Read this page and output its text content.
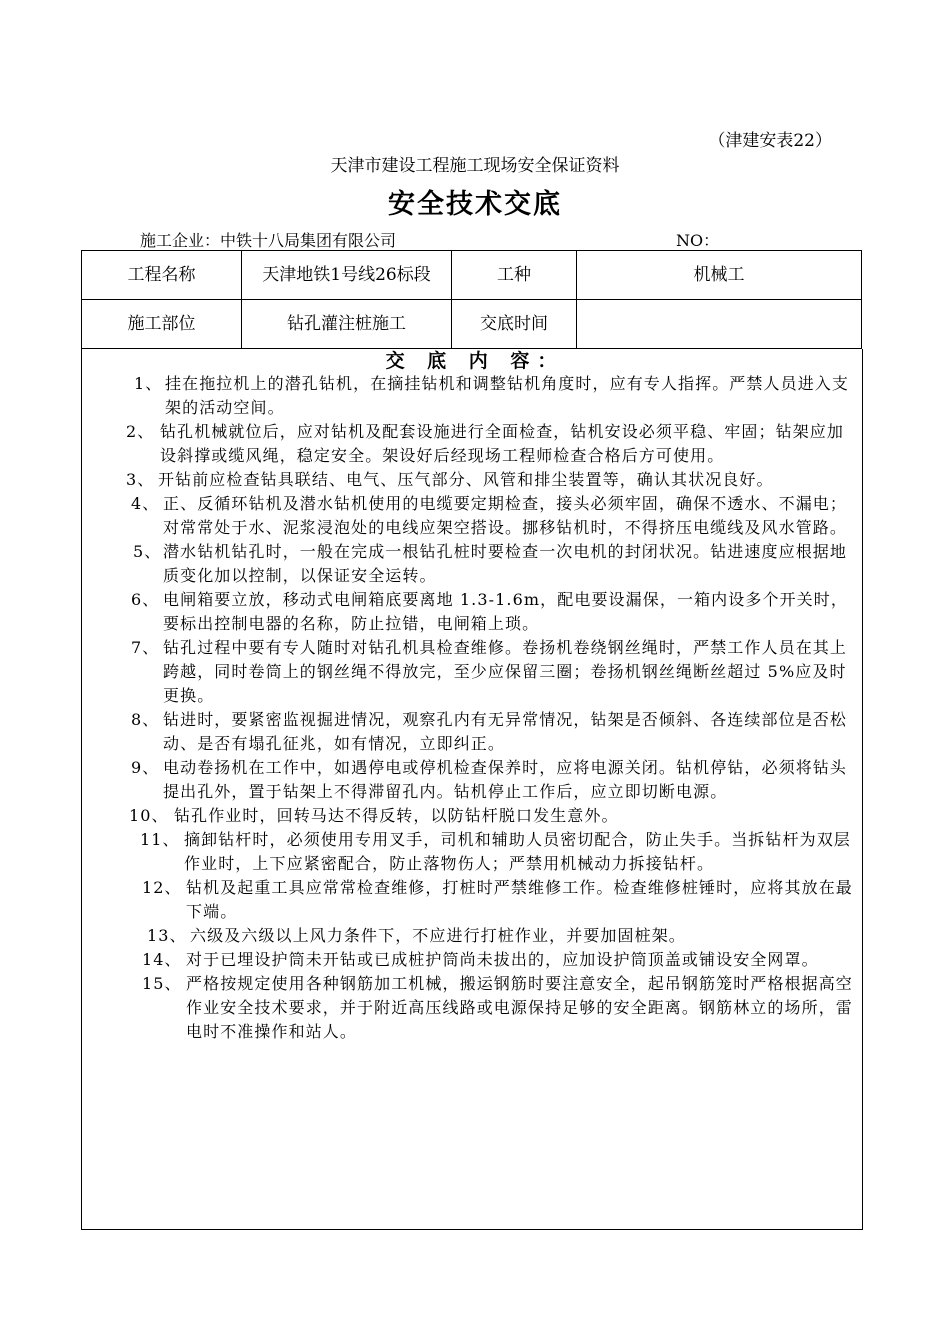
（津建安表22）
天津市建设工程施工现场安全保证资料
安全技术交底
施工企业：中铁十八局集团有限公司	NO：
工程名称	天津地铁1号线26标段	工种	机械工
施工部位	钻孔灌注桩施工	交底时间	
交 底 内 容：
1、 挂在拖拉机上的潜孔钻机，在摘挂钻机和调整钻机角度时，应有专人指挥。严禁人员进入支架的活动空间。
2、 钻孔机械就位后，应对钻机及配套设施进行全面检查，钻机安设必须平稳、牢固；钻架应加设斜撑或缆风绳，稳定安全。架设好后经现场工程师检查合格后方可使用。
3、 开钻前应检查钻具联结、电气、压气部分、风管和排尘装置等，确认其状况良好。
4、 正、反循环钻机及潜水钻机使用的电缆要定期检查，接头必须牢固，确保不透水、不漏电；对常常处于水、泥浆浸泡处的电线应架空搭设。挪移钻机时，不得挤压电缆线及风水管路。
5、 潜水钻机钻孔时，一般在完成一根钻孔桩时要检查一次电机的封闭状况。钻进速度应根据地质变化加以控制，以保证安全运转。
6、 电闸箱要立放，移动式电闸箱底要离地 1.3-1.6m，配电要设漏保，一箱内设多个开关时，要标出控制电器的名称，防止拉错，电闸箱上琐。
7、 钻孔过程中要有专人随时对钻孔机具检查维修。卷扬机卷绕钢丝绳时，严禁工作人员在其上跨越，同时卷筒上的钢丝绳不得放完，至少应保留三圈；卷扬机钢丝绳断丝超过 5%应及时更换。
8、 钻进时，要紧密监视掘进情况，观察孔内有无异常情况，钻架是否倾斜、各连续部位是否松动、是否有塌孔征兆，如有情况，立即纠正。
9、 电动卷扬机在工作中，如遇停电或停机检查保养时，应将电源关闭。钻机停钻，必须将钻头提出孔外，置于钻架上不得滞留孔内。钻机停止工作后，应立即切断电源。
10、 钻孔作业时，回转马达不得反转，以防钻杆脱口发生意外。
11、 摘卸钻杆时，必须使用专用叉手，司机和辅助人员密切配合，防止失手。当拆钻杆为双层作业时，上下应紧密配合，防止落物伤人；严禁用机械动力拆接钻杆。
12、 钻机及起重工具应常常检查维修，打桩时严禁维修工作。检查维修桩锤时，应将其放在最下端。
13、 六级及六级以上风力条件下，不应进行打桩作业，并要加固桩架。
14、 对于已埋设护筒未开钻或已成桩护筒尚未拔出的，应加设护筒顶盖或铺设安全网罩。
15、 严格按规定使用各种钢筋加工机械，搬运钢筋时要注意安全，起吊钢筋笼时严格根据高空作业安全技术要求，并于附近高压线路或电源保持足够的安全距离。钢筋林立的场所，雷电时不准操作和站人。
